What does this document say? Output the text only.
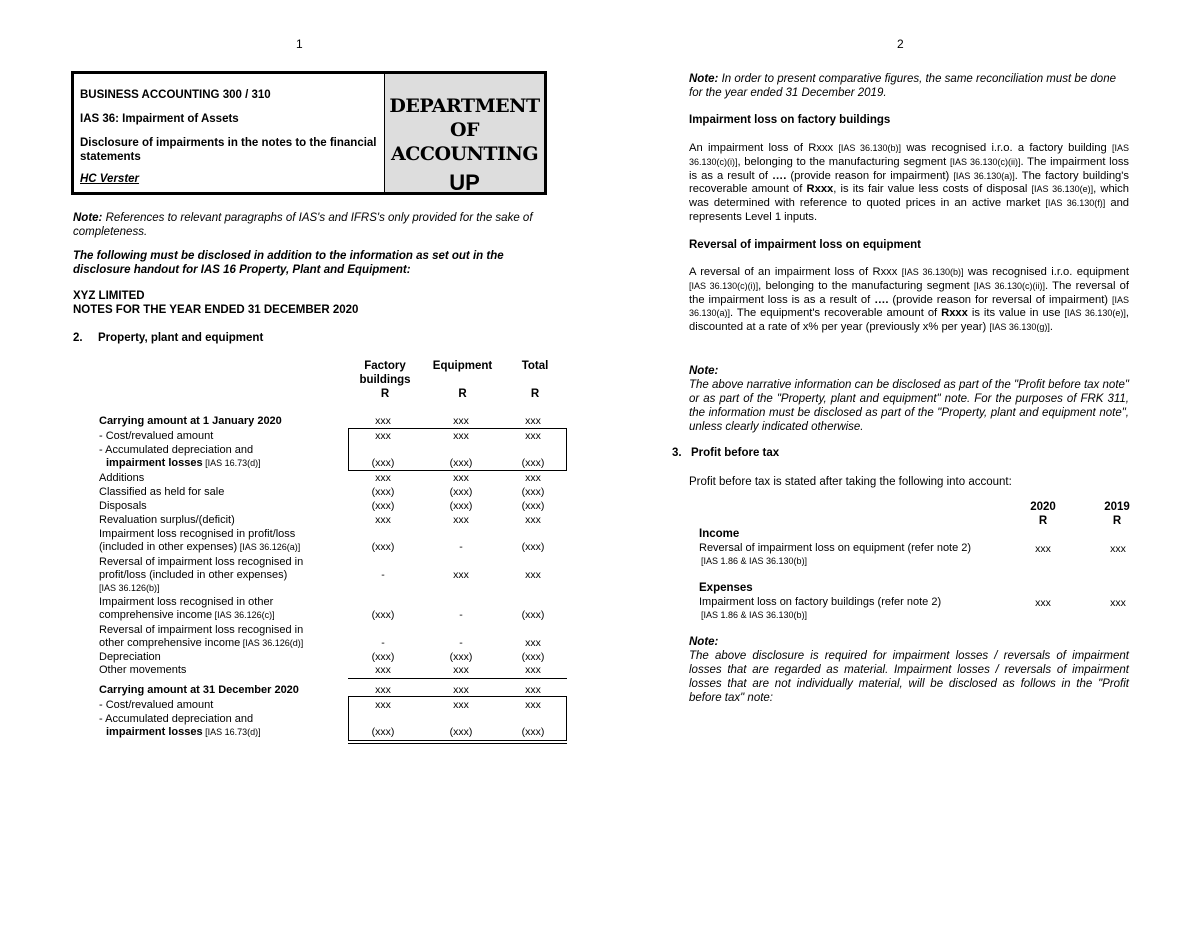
1
BUSINESS ACCOUNTING 300 / 310
IAS 36: Impairment of Assets
Disclosure of impairments in the notes to the financial statements
HC Verster
DEPARTMENT OF
ACCOUNTING
UP
Note: References to relevant paragraphs of IAS's and IFRS's only provided for the sake of completeness.
The following must be disclosed in addition to the information as set out in the disclosure handout for IAS 16 Property, Plant and Equipment:
XYZ LIMITED
NOTES FOR THE YEAR ENDED 31 DECEMBER 2020
2. Property, plant and equipment
Factory
buildings
R
Equipment

R
Total

R
Carrying amount at 1 January 2020	xxx	xxx	xxx
- Cost/revalued amount	xxx	xxx	xxx
- Accumulated depreciation and
impairment losses [IAS 16.73(d)]	(xxx)	(xxx)	(xxx)
Additions	xxx	xxx	xxx
Classified as held for sale	(xxx)	(xxx)	(xxx)
Disposals	(xxx)	(xxx)	(xxx)
Revaluation surplus/(deficit)	xxx	xxx	xxx
Impairment loss recognised in profit/loss
(included in other expenses) [IAS 36.126(a)]	(xxx)	-	(xxx)
Reversal of impairment loss recognised in
profit/loss (included in other expenses)
[IAS 36.126(b)]
-	xxx	xxx
Impairment loss recognised in other
comprehensive income [IAS 36.126(c)]	(xxx)	-	(xxx)
Reversal of impairment loss recognised in
other comprehensive income [IAS 36.126(d)]	-	-	xxx
Depreciation	(xxx)	(xxx)	(xxx)
Other movements	xxx	xxx	xxx
Carrying amount at 31 December 2020	xxx	xxx	xxx
- Cost/revalued amount	xxx	xxx	xxx
- Accumulated depreciation and
impairment losses [IAS 16.73(d)]	(xxx)	(xxx)	(xxx)
2
Note: In order to present comparative figures, the same reconciliation must be done for the year ended 31 December 2019.
Impairment loss on factory buildings
An impairment loss of Rxxx [IAS 36.130(b)] was recognised i.r.o. a factory building [IAS 36.130(c)(i)], belonging to the manufacturing segment [IAS 36.130(c)(ii)]. The impairment loss is as a result of …. (provide reason for impairment) [IAS 36.130(a)]. The factory building's recoverable amount of Rxxx, is its fair value less costs of disposal [IAS 36.130(e)], which was determined with reference to quoted prices in an active market [IAS 36.130(f)] and represents Level 1 inputs.
Reversal of impairment loss on equipment
A reversal of an impairment loss of Rxxx [IAS 36.130(b)] was recognised i.r.o. equipment [IAS 36.130(c)(i)], belonging to the manufacturing segment [IAS 36.130(c)(ii)]. The reversal of the impairment loss is as a result of …. (provide reason for reversal of impairment) [IAS 36.130(a)]. The equipment's recoverable amount of Rxxx is its value in use [IAS 36.130(e)], discounted at a rate of x% per year (previously x% per year) [IAS 36.130(g)].
Note:
The above narrative information can be disclosed as part of the "Profit before tax note" or as part of the "Property, plant and equipment" note. For the purposes of FRK 311, the information must be disclosed as part of the "Property, plant and equipment note", unless clearly indicated otherwise.
3. Profit before tax
Profit before tax is stated after taking the following into account:
2020
R
2019
R
Income
Reversal of impairment loss on equipment (refer note 2)
[IAS 1.86 & IAS 36.130(b)]
xxx	xxx
Expenses
Impairment loss on factory buildings (refer note 2)
[IAS 1.86 & IAS 36.130(b)]
xxx	xxx
Note:
The above disclosure is required for impairment losses / reversals of impairment losses that are regarded as material. Impairment losses / reversals of impairment losses that are not individually material, will be disclosed as follows in the "Profit before tax" note:
